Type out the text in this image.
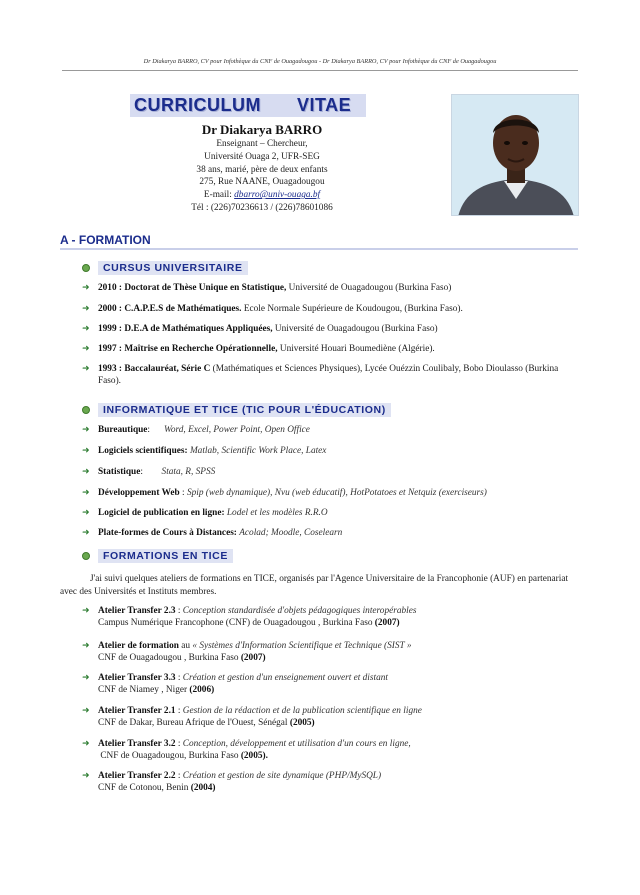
Dr Diakarya BARRO, CV pour Infothèque du CNF de Ouagadougou - Dr Diakarya BARRO, CV pour Infothèque du CNF de Ouagadougou
CURRICULUM VITAE
Dr Diakarya BARRO
Enseignant – Chercheur,
Université Ouaga 2, UFR-SEG
38 ans, marié, père de deux enfants
275, Rue NAANE, Ouagadougou
E-mail: dbarro@univ-ouaga.bf
Tél : (226)70236613 / (226)78601086
A - FORMATION
CURSUS UNIVERSITAIRE
➜ 2010 : Doctorat de Thèse Unique en Statistique, Université de Ouagadougou (Burkina Faso)
➜ 2000 : C.A.P.E.S de Mathématiques. Ecole Normale Supérieure de Koudougou, (Burkina Faso).
➜ 1999 : D.E.A de Mathématiques Appliquées, Université de Ouagadougou (Burkina Faso)
➜ 1997 : Maîtrise en Recherche Opérationnelle, Université Houari Boumediène (Algérie).
➜ 1993 : Baccalauréat, Série C (Mathématiques et Sciences Physiques), Lycée Ouézzin Coulibaly, Bobo Dioulasso (Burkina Faso).
INFORMATIQUE ET TICE (TIC POUR L'ÉDUCATION)
➜ Bureautique: Word, Excel, Power Point, Open Office
➜ Logiciels scientifiques: Matlab, Scientific Work Place, Latex
➜ Statistique: Stata, R, SPSS
➜ Développement Web : Spip (web dynamique), Nvu (web éducatif), HotPotatoes et Netquiz (exerciseurs)
➜ Logiciel de publication en ligne: Lodel et les modèles R.R.O
➜ Plate-formes de Cours à Distances: Acolad; Moodle, Coselearn
FORMATIONS EN TICE
J'ai suivi quelques ateliers de formations en TICE, organisés par l'Agence Universitaire de la Francophonie (AUF) en partenariat avec des Universités et Instituts membres.
➜ Atelier Transfer 2.3 : Conception standardisée d'objets pédagogiques interopérables
Campus Numérique Francophone (CNF) de Ouagadougou , Burkina Faso (2007)
➜ Atelier de formation au « Systèmes d'Information Scientifique et Technique (SIST »
CNF de Ouagadougou , Burkina Faso (2007)
➜ Atelier Transfer 3.3 : Création et gestion d'un enseignement ouvert et distant
CNF de Niamey , Niger (2006)
➜ Atelier Transfer 2.1 : Gestion de la rédaction et de la publication scientifique en ligne
CNF de Dakar, Bureau Afrique de l'Ouest, Sénégal (2005)
➜ Atelier Transfer 3.2 : Conception, développement et utilisation d'un cours en ligne,
CNF de Ouagadougou, Burkina Faso (2005).
➜ Atelier Transfer 2.2 : Création et gestion de site dynamique (PHP/MySQL)
CNF de Cotonou, Benin (2004)
